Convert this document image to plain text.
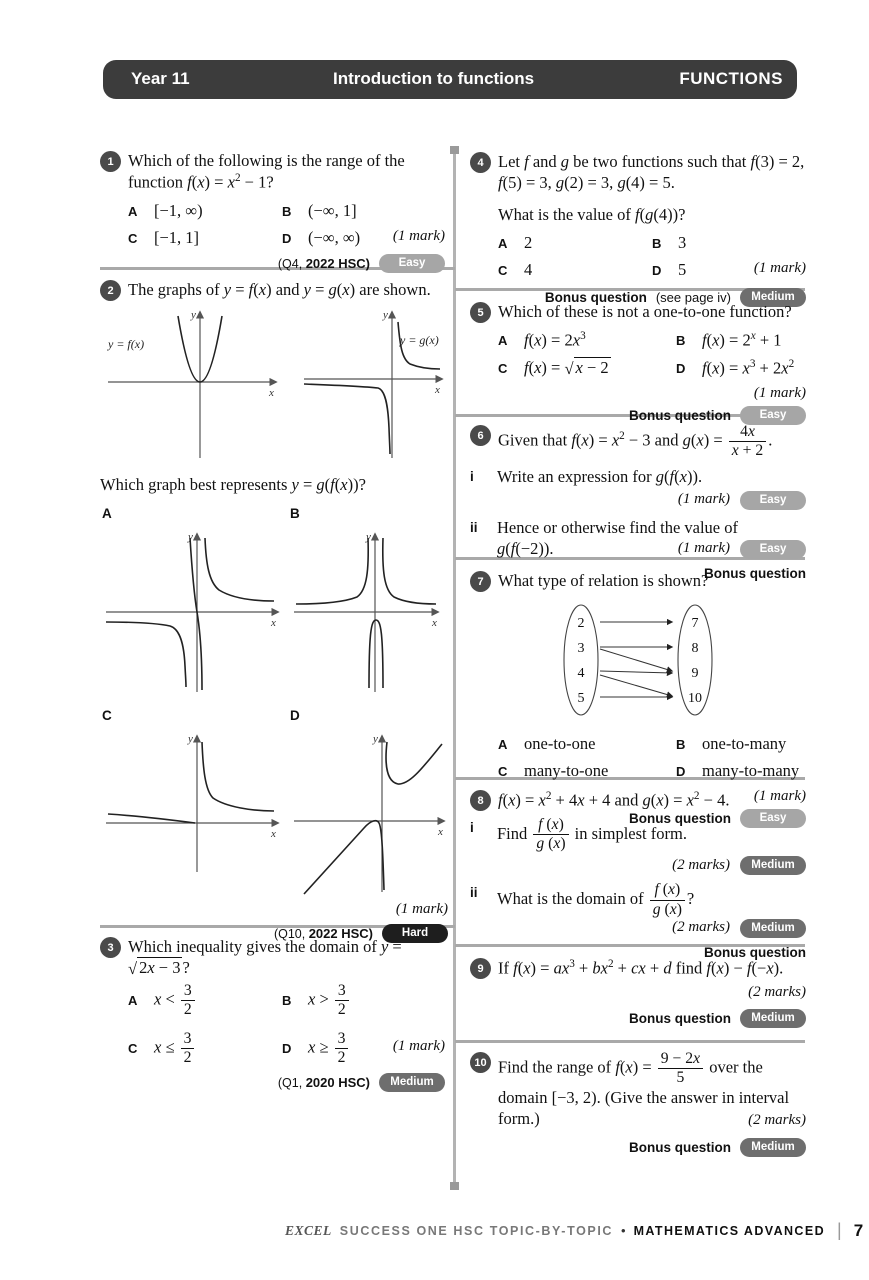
Year 11	Introduction to functions	FUNCTIONS
1 Which of the following is the range of the function $f(x) = x^2 - 1$?

A	[−1, ∞)	B	(−∞, 1]
C	[−1, 1]	D	(−∞, ∞)	(1 mark)
(Q4, 2022 HSC)	Easy
2 The graphs of y = f(x) and y = g(x) are shown.

y
x
y = f(x)
y
x
y = g(x)

Which graph best represents y = g(f(x))?

A	B
y
x
y
x
C	D
y
x
y
x
(1 mark)
(Q10, 2022 HSC)	Hard
3 Which inequality gives the domain of y = √ 2x − 3 ?

A	$x < \frac{3}{2}$	B	$x > \frac{3}{2}$
C	$x \le \frac{3}{2}$	D	$x \ge \frac{3}{2}$	(1 mark)
(Q1, 2020 HSC)	Medium
4 Let f and g be two functions such that f(3) = 2, f(5) = 3, g(2) = 3, g(4) = 5.

What is the value of f(g(4))?

A	2	B	3
C	4	D	5	(1 mark)
Bonus question (see page iv)	Medium
5 Which of these is not a one-to-one function?

A	$f(x) = 2x^3$	B	$f(x) = 2^x + 1$
C	f(x) = √ x − 2	D	$f(x) = x^3 + 2x^2$
(1 mark)
Bonus question	Easy
6 Given that $f(x) = x^2 - 3$ and $g(x) = \frac{4x}{x + 2}$ .

i	Write an expression for g(f(x)).
(1 mark)	Easy
ii	Hence or otherwise find the value of
g(f(−2)).	(1 mark)	Easy
Bonus question
7 What type of relation is shown?

2
3
4
5
7
8
9
10
A	one-to-one	B	one-to-many
C	many-to-one	D	many-to-many
(1 mark)
Bonus question	Easy
8 $f(x) = x^2 + 4x + 4$ and $g(x) = x^2 - 4$.

i	Find $\frac{f (x)}{g (x)}$ in simplest form.
(2 marks)	Medium
ii	What is the domain of $\frac{f (x)}{g (x)}$ ?
(2 marks)	Medium
Bonus question
9 If $f(x) = ax^3 + bx^2$ + cx + d find f(x) − f(−x).

(2 marks)
Bonus question	Medium
10 Find the range of $f(x) = \frac{9 - 2x}{5}$ over the domain [−3, 2). (Give the answer in interval form.)	(2 marks)
Bonus question	Medium
EXCEL SUCCESS ONE HSC TOPIC-BY-TOPIC • MATHEMATICS ADVANCED | 7
